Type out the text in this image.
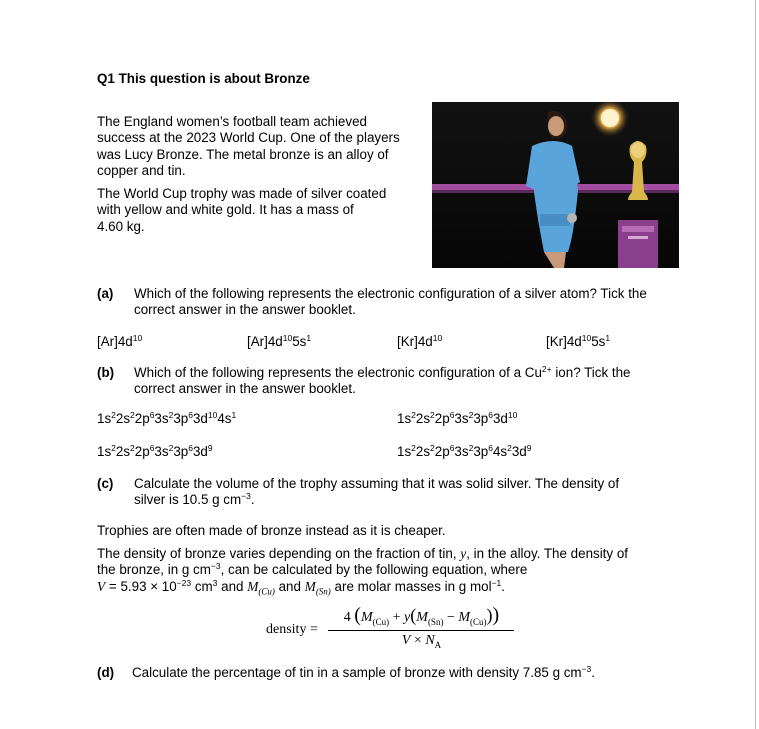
Q1 This question is about Bronze
The England women’s football team achieved
success at the 2023 World Cup. One of the players
was Lucy Bronze. The metal bronze is an alloy of
copper and tin.
The World Cup trophy was made of silver coated
with yellow and white gold. It has a mass of
4.60 kg.
(a) Which of the following represents the electronic configuration of a silver atom? Tick the
correct answer in the answer booklet.
$[Ar]4d^{10}$	$[Ar]4d^{10}5s^1$	$[Kr]4d^{10}$	$[Kr]4d^{10}5s^1$
(b) Which of the following represents the electronic configuration of a $Cu^{2+}$ ion? Tick the
correct answer in the answer booklet.
$1s^22s^22p^63s^23p^63d^{10}4s^1$	$1s^22s^22p^63s^23p^63d^{10}$
$1s^22s^22p^63s^23p^63d^9$	$1s^22s^22p^63s^23p^64s^23d^9$
(c) Calculate the volume of the trophy assuming that it was solid silver. The density of
silver is 10.5 g $cm^{-3}$.
Trophies are often made of bronze instead as it is cheaper.
The density of bronze varies depending on the fraction of tin, y, in the alloy. The density of
the bronze, in g $cm^{-3}$, can be calculated by the following equation, where
$V = 5.93 \times 10^{-23}$ $cm^3$ and $M_{(Cu)}$ and $M_{(Sn)}$ are molar masses in g mol$^{-1}$.
density =
4 $(M_{(Cu)} + y(M_{(Sn)} - M_{(Cu)}))$
$V \times N_A$
(d) Calculate the percentage of tin in a sample of bronze with density 7.85 g $cm^{-3}$.
